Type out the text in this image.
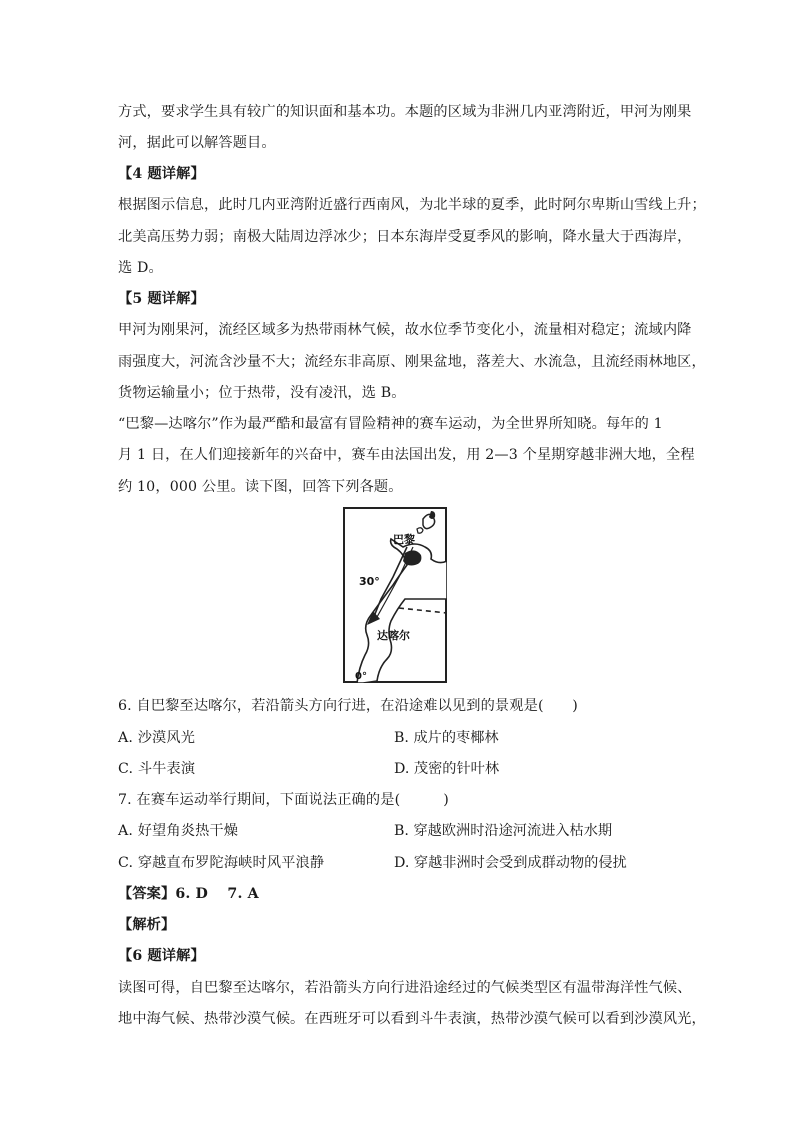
方式，要求学生具有较广的知识面和基本功。本题的区域为非洲几内亚湾附近，甲河为刚果
河，据此可以解答题目。
【4 题详解】
根据图示信息，此时几内亚湾附近盛行西南风，为北半球的夏季，此时阿尔卑斯山雪线上升；
北美高压势力弱；南极大陆周边浮冰少；日本东海岸受夏季风的影响，降水量大于西海岸，
选 D。
【5 题详解】
甲河为刚果河，流经区域多为热带雨林气候，故水位季节变化小，流量相对稳定；流域内降
雨强度大，河流含沙量不大；流经东非高原、刚果盆地，落差大、水流急，且流经雨林地区，
货物运输量小；位于热带，没有凌汛，选 B。
“巴黎—达喀尔”作为最严酷和最富有冒险精神的赛车运动，为全世界所知晓。每年的 1
月 1 日，在人们迎接新年的兴奋中，赛车由法国出发，用 2—3 个星期穿越非洲大地，全程
约 10，000 公里。读下图，回答下列各题。
巴黎
30°
达喀尔
0°
6. 自巴黎至达喀尔，若沿箭头方向行进，在沿途难以见到的景观是(　　)
A. 沙漠风光	B. 成片的枣椰林
C. 斗牛表演	D. 茂密的针叶林
7. 在赛车运动举行期间，下面说法正确的是(　　　)
A. 好望角炎热干燥	B. 穿越欧洲时沿途河流进入枯水期
C. 穿越直布罗陀海峡时风平浪静	D. 穿越非洲时会受到成群动物的侵扰
【答案】6. D　 7. A
【解析】
【6 题详解】
读图可得，自巴黎至达喀尔，若沿箭头方向行进沿途经过的气候类型区有温带海洋性气候、
地中海气候、热带沙漠气候。在西班牙可以看到斗牛表演，热带沙漠气候可以看到沙漠风光，
